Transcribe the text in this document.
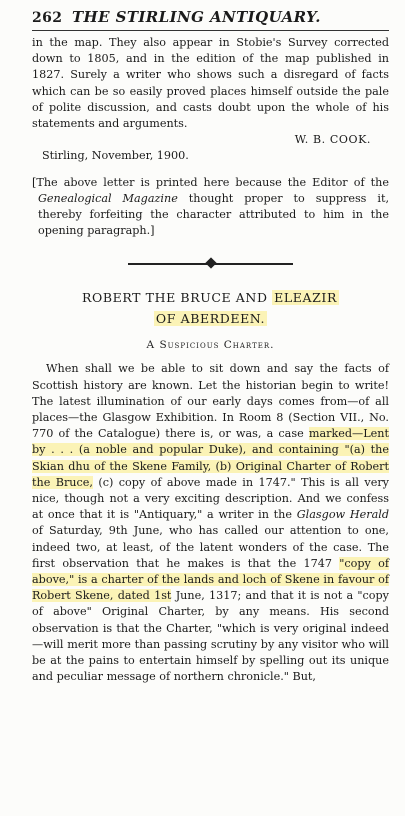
262 THE STIRLING ANTIQUARY.

in the map. They also appear in Stobie's Survey corrected down to 1805, and in the edition of the map published in 1827. Surely a writer who shows such a disregard of facts which can be so easily proved places himself outside the pale of polite discussion, and casts doubt upon the whole of his statements and arguments.

W. B. COOK.

Stirling, November, 1900.

[The above letter is printed here because the Editor of the Genealogical Magazine thought proper to suppress it, thereby forfeiting the character attributed to him in the opening paragraph.]
ROBERT THE BRUCE AND ELEAZIR
OF ABERDEEN.
A Suspicious Charter.
When shall we be able to sit down and say the facts of Scottish history are known. Let the historian begin to write! The latest illumination of our early days comes from—of all places—the Glasgow Exhibition. In Room 8 (Section VII., No. 770 of the Catalogue) there is, or was, a case marked—Lent by . . . (a noble and popular Duke), and containing "(a) the Skian dhu of the Skene Family, (b) Original Charter of Robert the Bruce, (c) copy of above made in 1747." This is all very nice, though not a very exciting description. And we confess at once that it is "Antiquary," a writer in the Glasgow Herald of Saturday, 9th June, who has called our attention to one, indeed two, at least, of the latent wonders of the case. The first observation that he makes is that the 1747 "copy of above," is a charter of the lands and loch of Skene in favour of Robert Skene, dated 1st June, 1317; and that it is not a "copy of above" Original Charter, by any means. His second observation is that the Charter, "which is very original indeed—will merit more than passing scrutiny by any visitor who will be at the pains to entertain himself by spelling out its unique and peculiar message of northern chronicle." But,
